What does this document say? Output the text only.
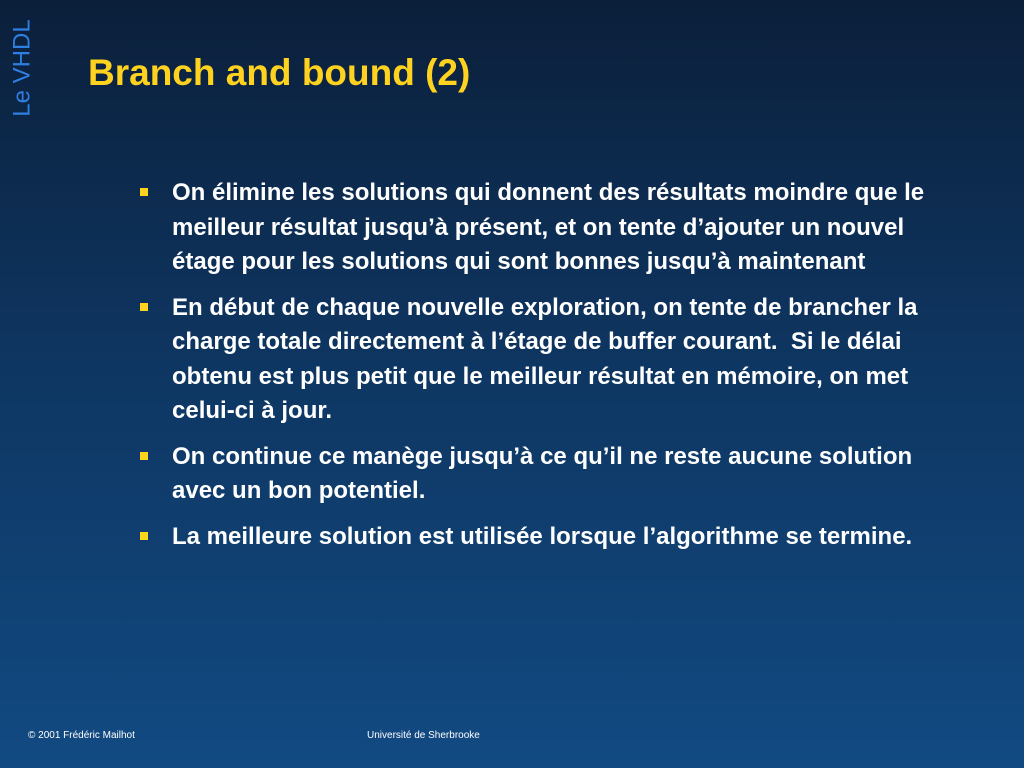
Le VHDL Branch and bound (2)
On élimine les solutions qui donnent des résultats moindre que le meilleur résultat jusqu’à présent, et on tente d’ajouter un nouvel étage pour les solutions qui sont bonnes jusqu’à maintenant
En début de chaque nouvelle exploration, on tente de brancher la charge totale directement à l’étage de buffer courant.  Si le délai obtenu est plus petit que le meilleur résultat en mémoire, on met celui-ci à jour.
On continue ce manège jusqu’à ce qu’il ne reste aucune solution avec un bon potentiel.
La meilleure solution est utilisée lorsque l’algorithme se termine.
© 2001 Frédéric Mailhot	Université de Sherbrooke
